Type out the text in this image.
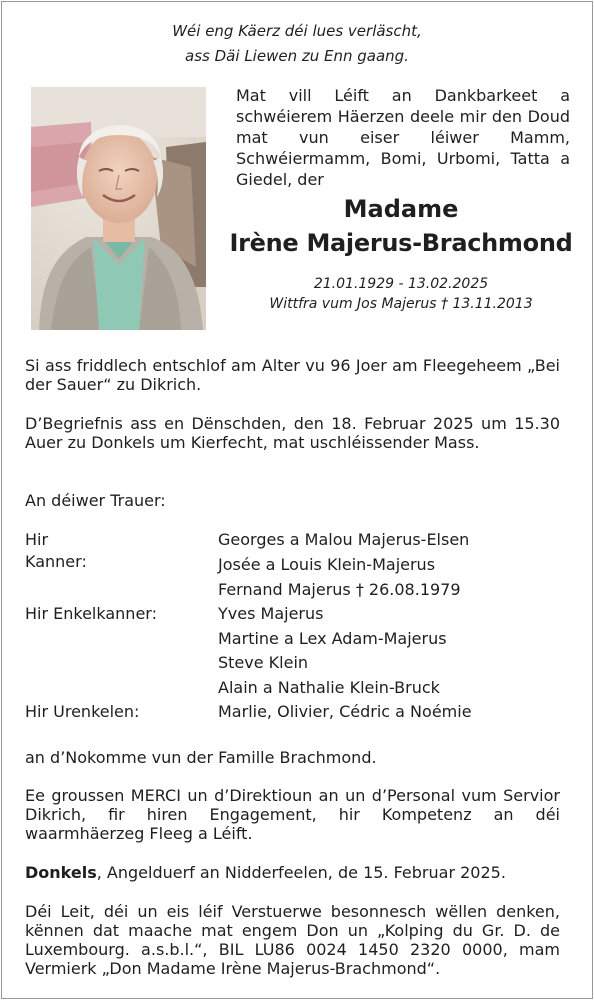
Wéi eng Käerz déi lues verläscht,
ass Däi Liewen zu Enn gaang.
Mat vill Léift an Dankbarkeet a schwéierem Häerzen deele mir den Doud mat vun eiser léiwer Mamm, Schwéiermamm, Bomi, Urbomi, Tatta a Giedel, der
Madame
Irène Majerus-Brachmond
21.01.1929 - 13.02.2025
Wittfra vum Jos Majerus † 13.11.2013
Si ass friddlech entschlof am Alter vu 96 Joer am Fleegeheem „Bei der Sauer“ zu Dikrich.
D’Begriefnis ass en Dënschden, den 18. Februar 2025 um 15.30 Auer zu Donkels um Kierfecht, mat uschléissender Mass.
An déiwer Trauer:
Hir Kanner:
Georges a Malou Majerus-Elsen
Josée a Louis Klein-Majerus
Fernand Majerus † 26.08.1979
Hir Enkelkanner:	Yves Majerus
Martine a Lex Adam-Majerus
Steve Klein
Alain a Nathalie Klein-Bruck
Hir Urenkelen:	Marlie, Olivier, Cédric a Noémie
an d’Nokomme vun der Famille Brachmond.
Ee groussen MERCI un d’Direktioun an un d’Personal vum Servior Dikrich, fir hiren Engagement, hir Kompetenz an déi waarmhäerzeg Fleeg a Léift.
Donkels, Angelduerf an Nidderfeelen, de 15. Februar 2025.
Déi Leit, déi un eis léif Verstuerwe besonnesch wëllen denken, kënnen dat maache mat engem Don un „Kolping du Gr. D. de Luxembourg. a.s.b.l.“, BIL LU86 0024 1450 2320 0000, mam Vermierk „Don Madame Irène Majerus-Brachmond“.
